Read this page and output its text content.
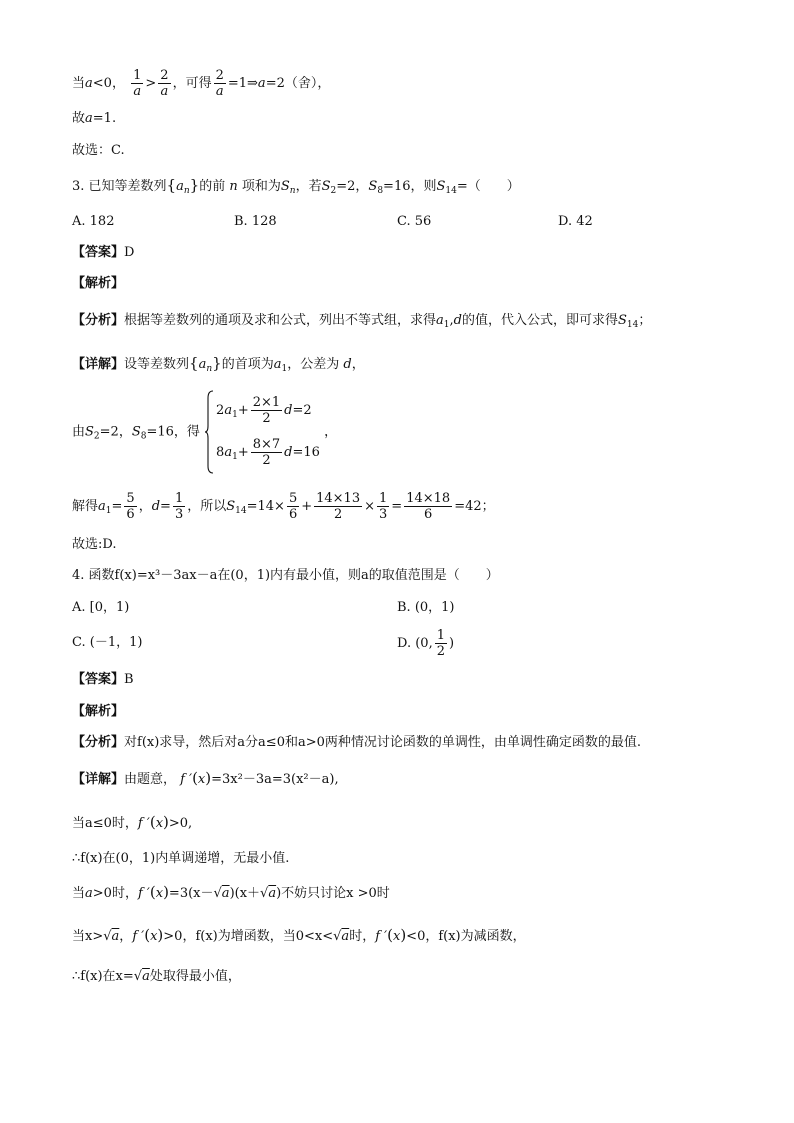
当a<0， $\frac{1}{a} > \frac{2}{a}$ ，可得 $\frac{2}{a}$ =1⇒a=2（舍），
故a=1.
故选：C.
3. 已知等差数列$\{a_n\}$的前 n 项和为$S_n$，若$S_2=2$，$S_8=16$，则$S_{14}=$（　　）
A. 182	B. 128	C. 56	D. 42
【答案】D
【解析】
【分析】根据等差数列的通项及求和公式，列出不等式组，求得$a_1,d$的值，代入公式，即可求得$S_{14}$；
【详解】设等差数列$\{a_n\}$的首项为$a_1$，公差为 d，
由$S_2=2$，$S_8=16$，得
$2a_1+ \frac{2\times 1}{2} d=2$
$8a_1+ \frac{8\times 7}{2} d=16$
，
解得$a_1= \frac{5}{6}$ ，$d= \frac{1}{3}$ ，所以$S_{14}=14\times \frac{5}{6} + \frac{14\times 13}{2} \times \frac{1}{3} = \frac{14\times 18}{6} =42$；
故选:D.
4. 函数f(x)=x³－3ax－a在(0，1)内有最小值，则a的取值范围是（　　）
A. [0，1)	B. (0，1)
C. (－1，1)	D. (0, $\frac{1}{2}$ )
【答案】B
【解析】
【分析】对f(x)求导，然后对a分a≤0和a>0两种情况讨论函数的单调性，由单调性确定函数的最值.
【详解】由题意， f ′(x)=3x²－3a=3(x²－a),
当a≤0时，f ′(x)>0,
∴f(x)在(0，1)内单调递增，无最小值.
当a>0时，f ′(x)=3(x－√a)(x＋√a)不妨只讨论x >0时
当x>√a，f ′(x)>0，f(x)为增函数，当0<x<√a时，f ′(x)<0，f(x)为减函数，
∴f(x)在x=√a处取得最小值，
